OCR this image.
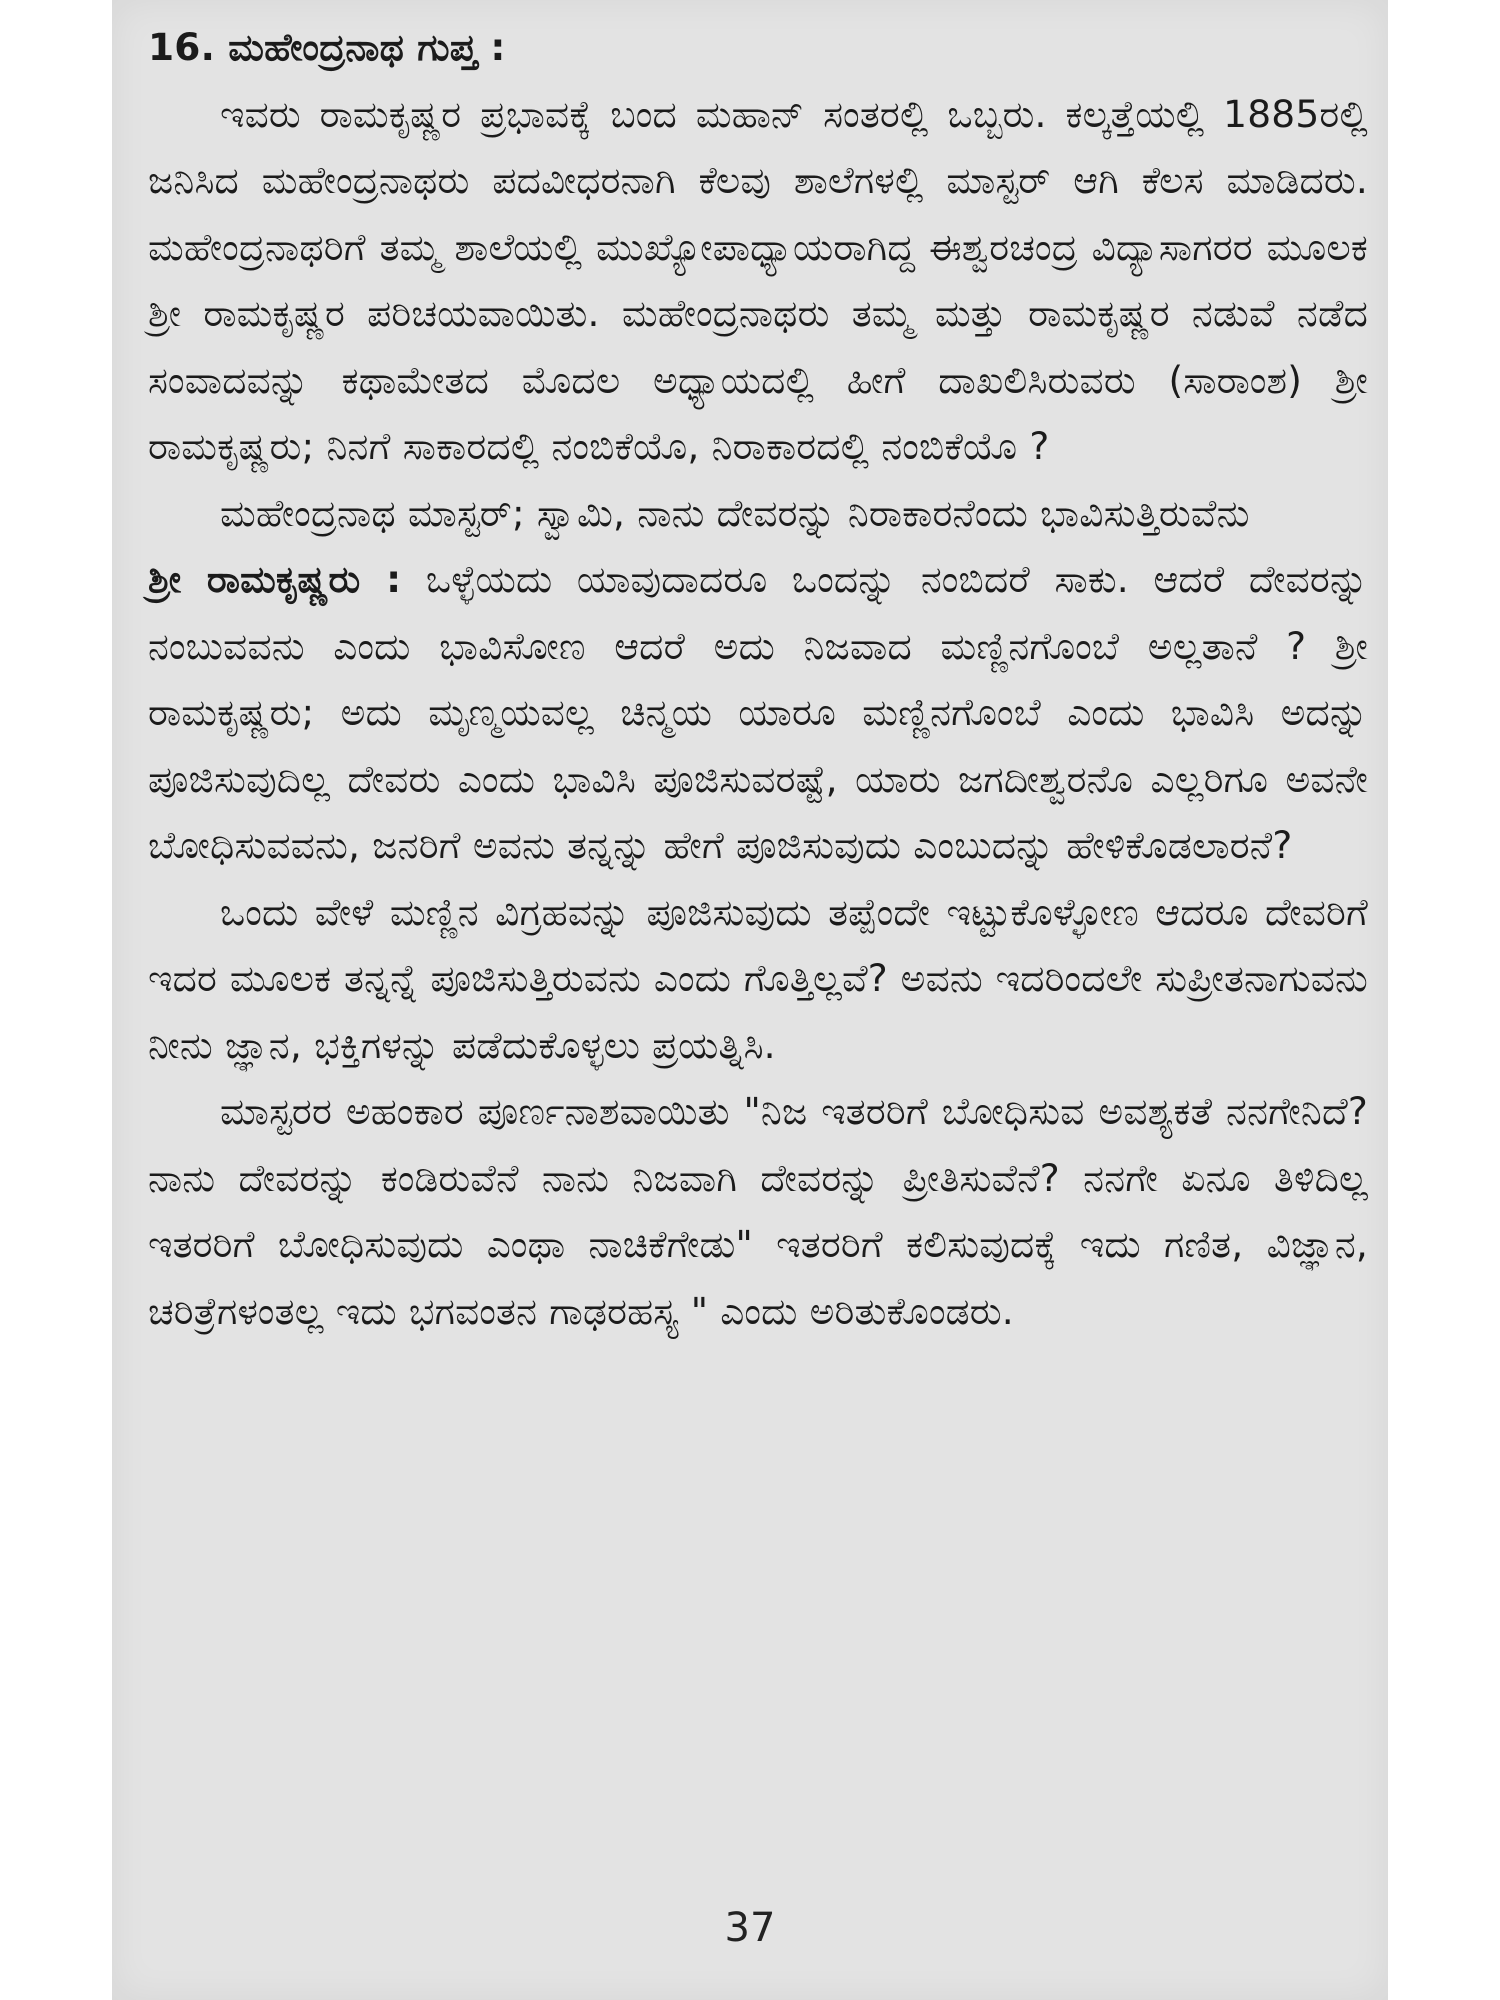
16. ಮಹೇಂದ್ರನಾಥ ಗುಪ್ತ :

ಇವರು ರಾಮಕೃಷ್ಣರ ಪ್ರಭಾವಕ್ಕೆ ಬಂದ ಮಹಾನ್ ಸಂತರಲ್ಲಿ ಒಬ್ಬರು. ಕಲ್ಕತ್ತೆಯಲ್ಲಿ 1885ರಲ್ಲಿ ಜನಿಸಿದ ಮಹೇಂದ್ರನಾಥರು ಪದವೀಧರನಾಗಿ ಕೆಲವು ಶಾಲೆಗಳಲ್ಲಿ ಮಾಸ್ಟರ್ ಆಗಿ ಕೆಲಸ ಮಾಡಿದರು. ಮಹೇಂದ್ರನಾಥರಿಗೆ ತಮ್ಮ ಶಾಲೆಯಲ್ಲಿ ಮುಖ್ಯೋಪಾಧ್ಯಾಯರಾಗಿದ್ದ ಈಶ್ವರಚಂದ್ರ ವಿದ್ಯಾಸಾಗರರ ಮೂಲಕ ಶ್ರೀ ರಾಮಕೃಷ್ಣರ ಪರಿಚಯವಾಯಿತು. ಮಹೇಂದ್ರನಾಥರು ತಮ್ಮ ಮತ್ತು ರಾಮಕೃಷ್ಣರ ನಡುವೆ ನಡೆದ ಸಂವಾದವನ್ನು ಕಥಾಮೇತದ ಮೊದಲ ಅಧ್ಯಾಯದಲ್ಲಿ ಹೀಗೆ ದಾಖಲಿಸಿರುವರು (ಸಾರಾಂಶ) ಶ್ರೀ ರಾಮಕೃಷ್ಣರು; ನಿನಗೆ ಸಾಕಾರದಲ್ಲಿ ನಂಬಿಕೆಯೊ, ನಿರಾಕಾರದಲ್ಲಿ ನಂಬಿಕೆಯೊ ?

ಮಹೇಂದ್ರನಾಥ ಮಾಸ್ಟರ್; ಸ್ವಾಮಿ, ನಾನು ದೇವರನ್ನು ನಿರಾಕಾರನೆಂದು ಭಾವಿಸುತ್ತಿರುವೆನು

ಶ್ರೀ ರಾಮಕೃಷ್ಣರು : ಒಳ್ಳೆಯದು ಯಾವುದಾದರೂ ಒಂದನ್ನು ನಂಬಿದರೆ ಸಾಕು. ಆದರೆ ದೇವರನ್ನು ನಂಬುವವನು ಎಂದು ಭಾವಿಸೋಣ ಆದರೆ ಅದು ನಿಜವಾದ ಮಣ್ಣಿನಗೊಂಬೆ ಅಲ್ಲತಾನೆ ? ಶ್ರೀ ರಾಮಕೃಷ್ಣರು; ಅದು ಮೃಣ್ಮಯವಲ್ಲ ಚಿನ್ಮಯ ಯಾರೂ ಮಣ್ಣಿನಗೊಂಬೆ ಎಂದು ಭಾವಿಸಿ ಅದನ್ನು ಪೂಜಿಸುವುದಿಲ್ಲ ದೇವರು ಎಂದು ಭಾವಿಸಿ ಪೂಜಿಸುವರಷ್ಟೆ, ಯಾರು ಜಗದೀಶ್ವರನೊ ಎಲ್ಲರಿಗೂ ಅವನೇ ಬೋಧಿಸುವವನು, ಜನರಿಗೆ ಅವನು ತನ್ನನ್ನು ಹೇಗೆ ಪೂಜಿಸುವುದು ಎಂಬುದನ್ನು ಹೇಳಿಕೊಡಲಾರನೆ?

ಒಂದು ವೇಳೆ ಮಣ್ಣಿನ ವಿಗ್ರಹವನ್ನು ಪೂಜಿಸುವುದು ತಪ್ಪೆಂದೇ ಇಟ್ಟುಕೊಳ್ಳೋಣ ಆದರೂ ದೇವರಿಗೆ ಇದರ ಮೂಲಕ ತನ್ನನ್ನೆ ಪೂಜಿಸುತ್ತಿರುವನು ಎಂದು ಗೊತ್ತಿಲ್ಲವೆ? ಅವನು ಇದರಿಂದಲೇ ಸುಪ್ರೀತನಾಗುವನು ನೀನು ಜ್ಞಾನ, ಭಕ್ತಿಗಳನ್ನು ಪಡೆದುಕೊಳ್ಳಲು ಪ್ರಯತ್ನಿಸಿ.

ಮಾಸ್ಟರರ ಅಹಂಕಾರ ಪೂರ್ಣನಾಶವಾಯಿತು "ನಿಜ ಇತರರಿಗೆ ಬೋಧಿಸುವ ಅವಶ್ಯಕತೆ ನನಗೇನಿದೆ? ನಾನು ದೇವರನ್ನು ಕಂಡಿರುವೆನೆ ನಾನು ನಿಜವಾಗಿ ದೇವರನ್ನು ಪ್ರೀತಿಸುವೆನೆ? ನನಗೇ ಏನೂ ತಿಳಿದಿಲ್ಲ ಇತರರಿಗೆ ಬೋಧಿಸುವುದು ಎಂಥಾ ನಾಚಿಕೆಗೇಡು" ಇತರರಿಗೆ ಕಲಿಸುವುದಕ್ಕೆ ಇದು ಗಣಿತ, ವಿಜ್ಞಾನ, ಚರಿತ್ರೆಗಳಂತಲ್ಲ ಇದು ಭಗವಂತನ ಗಾಢರಹಸ್ಯ " ಎಂದು ಅರಿತುಕೊಂಡರು.

37
